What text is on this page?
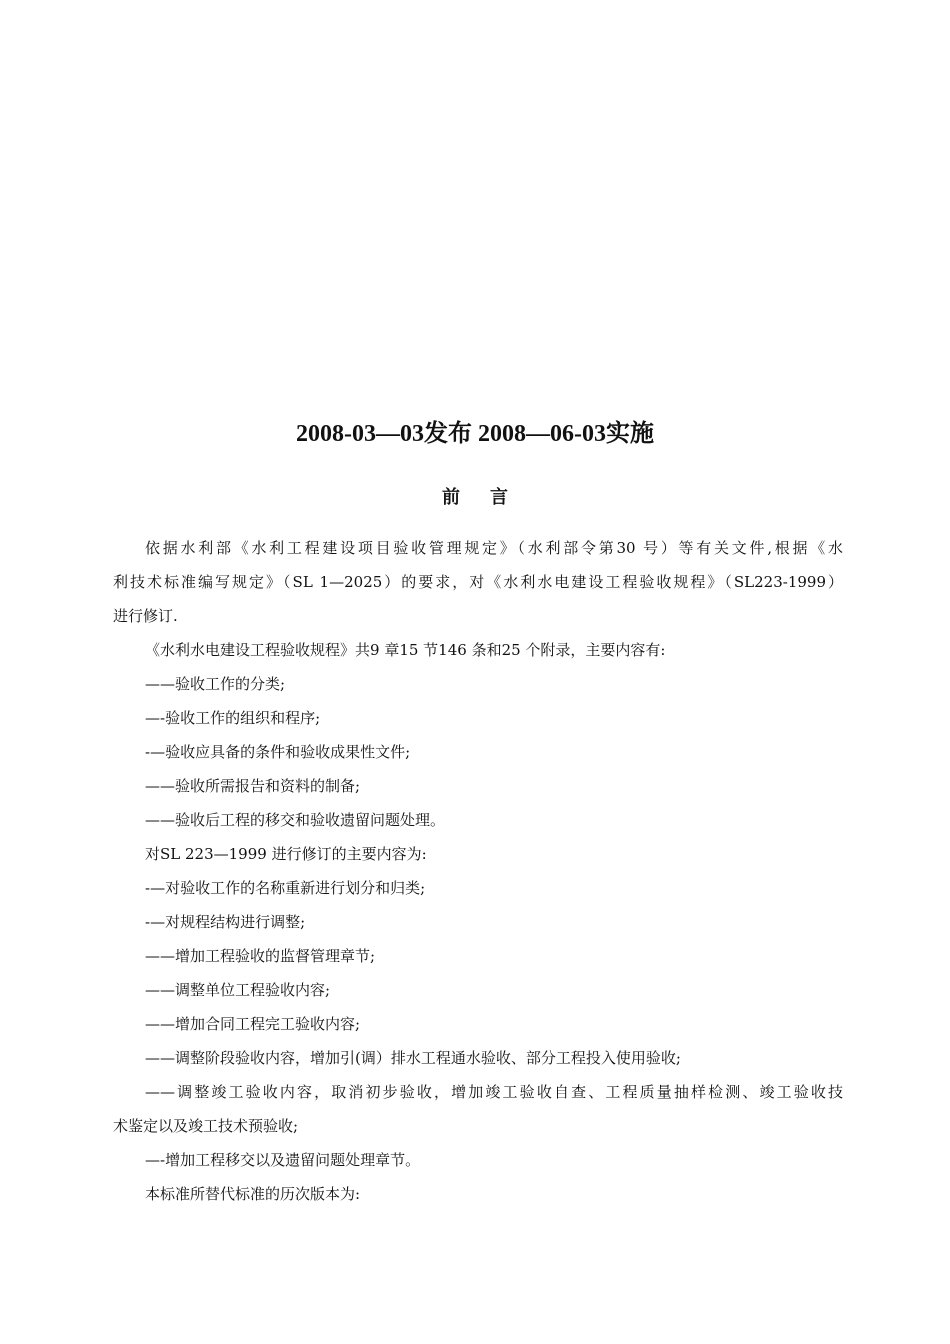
2008-03—03发布 2008—06-03实施
前言

依据水利部《水利工程建设项目验收管理规定》（水利部令第30 号）等有关文件,根据《水

利技术标准编写规定》（SL 1—2025）的要求，对《水利水电建设工程验收规程》（SL223-1999）

进行修订.

《水利水电建设工程验收规程》共9 章15 节146 条和25 个附录，主要内容有:

——验收工作的分类;

—-验收工作的组织和程序;

-—验收应具备的条件和验收成果性文件;

——验收所需报告和资料的制备;

——验收后工程的移交和验收遗留问题处理。

对SL 223—1999 进行修订的主要内容为:

-—对验收工作的名称重新进行划分和归类;

-—对规程结构进行调整;

——增加工程验收的监督管理章节;

——调整单位工程验收内容;

——增加合同工程完工验收内容;

——调整阶段验收内容，增加引(调）排水工程通水验收、部分工程投入使用验收;

——调整竣工验收内容，取消初步验收，增加竣工验收自查、工程质量抽样检测、竣工验收技

术鉴定以及竣工技术预验收;

—-增加工程移交以及遗留问题处理章节。

本标准所替代标准的历次版本为:
